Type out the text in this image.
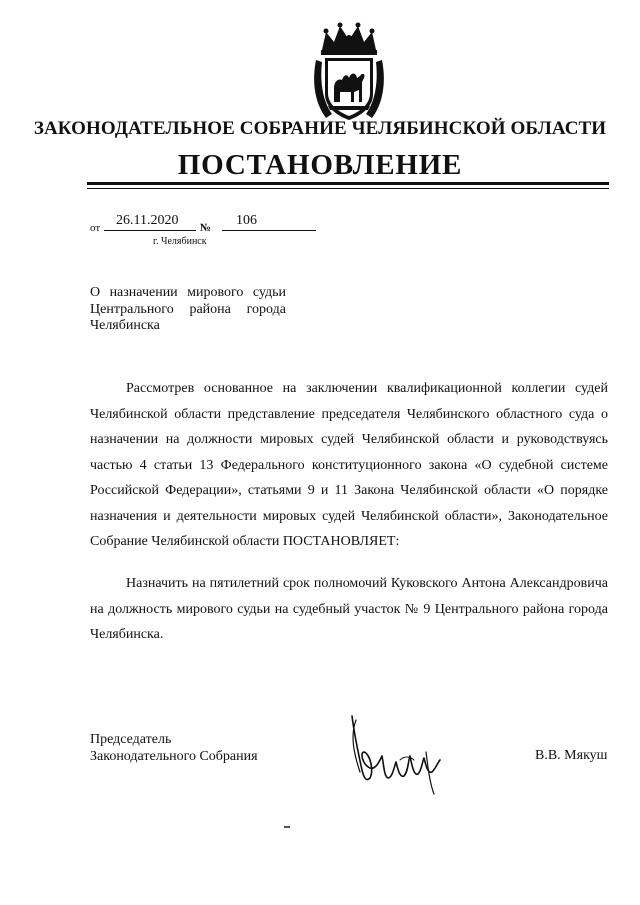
ЗАКОНОДАТЕЛЬНОЕ СОБРАНИЕ ЧЕЛЯБИНСКОЙ ОБЛАСТИ
ПОСТАНОВЛЕНИЕ
от 26.11.2020 № 106
г. Челябинск
О назначении мирового судьи
Центрального района города
Челябинска

Рассмотрев основанное на заключении квалификационной коллегии судей Челябинской области представление председателя Челябинского областного суда о назначении на должности мировых судей Челябинской области и руководствуясь частью 4 статьи 13 Федерального конституционного закона «О судебной системе Российской Федерации», статьями 9 и 11 Закона Челябинской области «О порядке назначения и деятельности мировых судей Челябинской области», Законодательное Собрание Челябинской области ПОСТАНОВЛЯЕТ:

Назначить на пятилетний срок полномочий Куковского Антона Александровича на должность мирового судьи на судебный участок № 9 Центрального района города Челябинска.

Председатель
Законодательного Собрания	В.В. Мякуш
